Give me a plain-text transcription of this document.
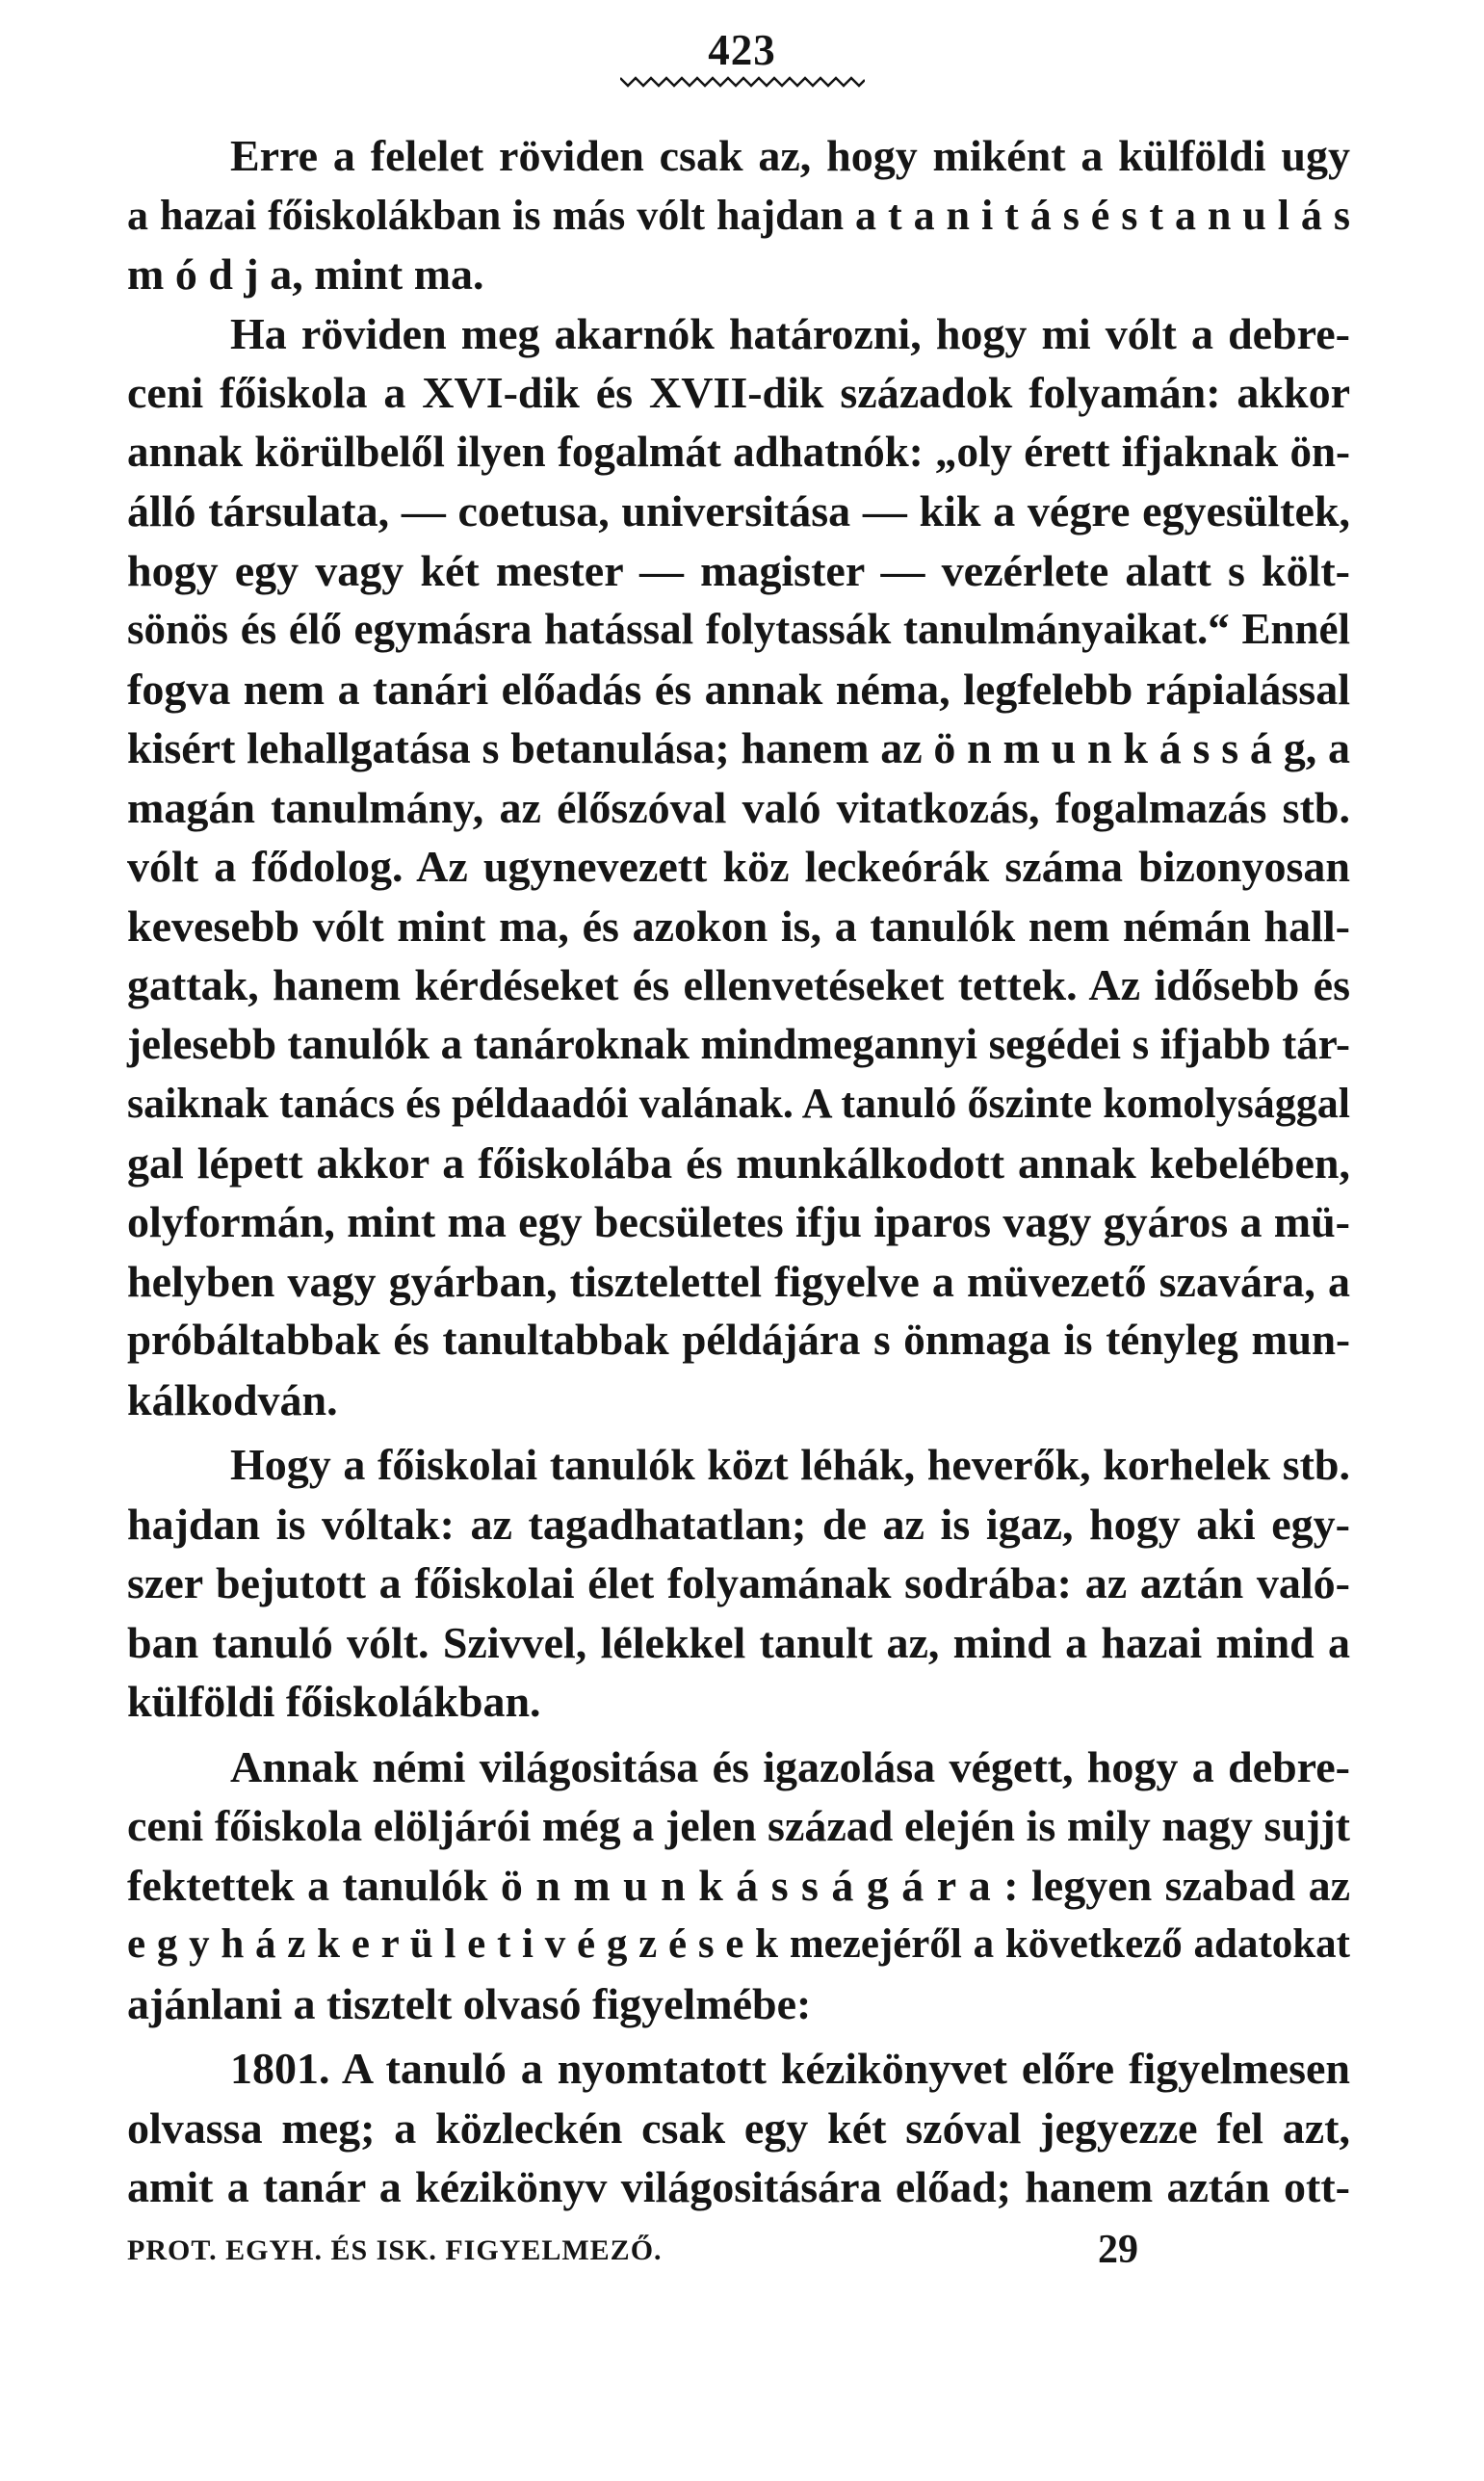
423
Erre a felelet röviden csak az, hogy miként a külföldi ugy
a hazai főiskolákban is más vólt hajdan a t a n i t á s é s t a n u l á s
m ó d j a, mint ma.
Ha röviden meg akarnók határozni, hogy mi vólt a debre-
ceni főiskola a XVI-dik és XVII-dik századok folyamán: akkor
annak körülbelől ilyen fogalmát adhatnók: „oly érett ifjaknak ön-
álló társulata, — coetusa, universitása — kik a végre egyesültek,
hogy egy vagy két mester — magister — vezérlete alatt s költ-
sönös és élő egymásra hatással folytassák tanulmányaikat.“ Ennél
fogva nem a tanári előadás és annak néma, legfelebb rápialással
kisért lehallgatása s betanulása; hanem az ö n m u n k á s s á g, a
magán tanulmány, az élőszóval való vitatkozás, fogalmazás stb.
vólt a fődolog. Az ugynevezett köz leckeórák száma bizonyosan
kevesebb vólt mint ma, és azokon is, a tanulók nem némán hall-
gattak, hanem kérdéseket és ellenvetéseket tettek. Az idősebb és
jelesebb tanulók a tanároknak mindmegannyi segédei s ifjabb tár-
saiknak tanács és példaadói valának. A tanuló őszinte komolysággal
gal lépett akkor a főiskolába és munkálkodott annak kebelében,
olyformán, mint ma egy becsületes ifju iparos vagy gyáros a mü-
helyben vagy gyárban, tisztelettel figyelve a müvezető szavára, a
próbáltabbak és tanultabbak példájára s önmaga is tényleg mun-
kálkodván.
Hogy a főiskolai tanulók közt léhák, heverők, korhelek stb.
hajdan is vóltak: az tagadhatatlan; de az is igaz, hogy aki egy-
szer bejutott a főiskolai élet folyamának sodrába: az aztán való-
ban tanuló vólt. Szivvel, lélekkel tanult az, mind a hazai mind a
külföldi főiskolákban.
Annak némi világositása és igazolása végett, hogy a debre-
ceni főiskola elöljárói még a jelen század elején is mily nagy sujjt
fektettek a tanulók ö n m u n k á s s á g á r a : legyen szabad az
e g y h á z k e r ü l e t i v é g z é s e k mezejéről a következő adatokat
ajánlani a tisztelt olvasó figyelmébe:
1801. A tanuló a nyomtatott kézikönyvet előre figyelmesen
olvassa meg; a közleckén csak egy két szóval jegyezze fel azt,
amit a tanár a kézikönyv világositására előad; hanem aztán ott-
PROT. EGYH. ÉS ISK. FIGYELMEZŐ.	29
